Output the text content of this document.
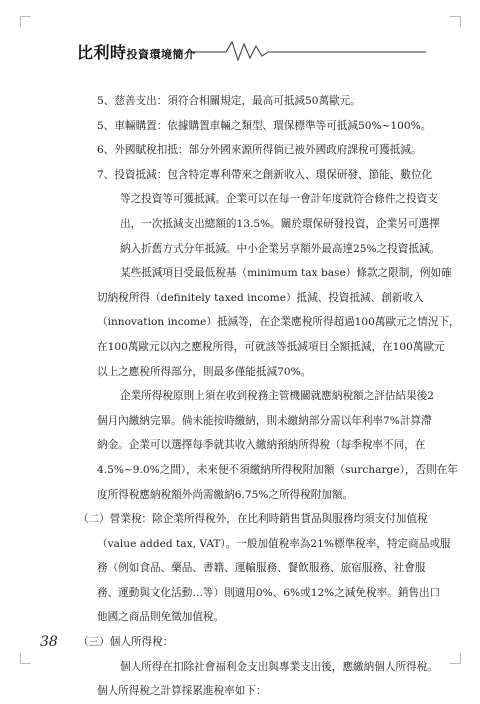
比利時投資環境簡介
5、慈善支出：須符合相關規定，最高可抵減50萬歐元。
5、車輛購置：依據購置車輛之類型、環保標準等可抵減50%~100%。
6、外國賦稅扣抵：部分外國來源所得倘已被外國政府課稅可獲抵減。
7、投資抵減：包含特定專利帶來之創新收入、環保研發、節能、數位化
等之投資等可獲抵減。企業可以在每一會計年度就符合條件之投資支
出，一次抵減支出總額的13.5%。關於環保研發投資，企業另可選擇
納入折舊方式分年抵減。中小企業另享額外最高達25%之投資抵減。
某些抵減項目受最低稅基（minimum tax base）條款之限制，例如確
切納稅所得（definitely taxed income）抵減、投資抵減、創新收入
（innovation income）抵減等，在企業應稅所得超過100萬歐元之情況下，
在100萬歐元以內之應稅所得，可就該等抵減項目全額抵減，在100萬歐元
以上之應稅所得部分，則最多僅能抵減70%。
企業所得稅原則上須在收到稅務主管機關就應納稅額之評估結果後2
個月內繳納完畢。倘未能按時繳納，則未繳納部分需以年利率7%計算滯
納金。企業可以選擇每季就其收入繳納預納所得稅（每季稅率不同，在
4.5%~9.0%之間），未來便不須繳納所得稅附加額（surcharge），否則在年
度所得稅應納稅額外尚需繳納6.75%之所得稅附加額。
（二）營業稅：除企業所得稅外，在比利時銷售貨品與服務均須支付加值稅
（value added tax, VAT）。一般加值稅率為21%標準稅率，特定商品或服
務（例如食品、藥品、書籍、運輸服務、餐飲服務、旅宿服務、社會服
務、運動與文化活動…等）則適用0%、6%或12%之減免稅率。銷售出口
他國之商品則免徵加值稅。
（三）個人所得稅：
個人所得在扣除社會福利金支出與專業支出後，應繳納個人所得稅。
個人所得稅之計算採累進稅率如下：
38
